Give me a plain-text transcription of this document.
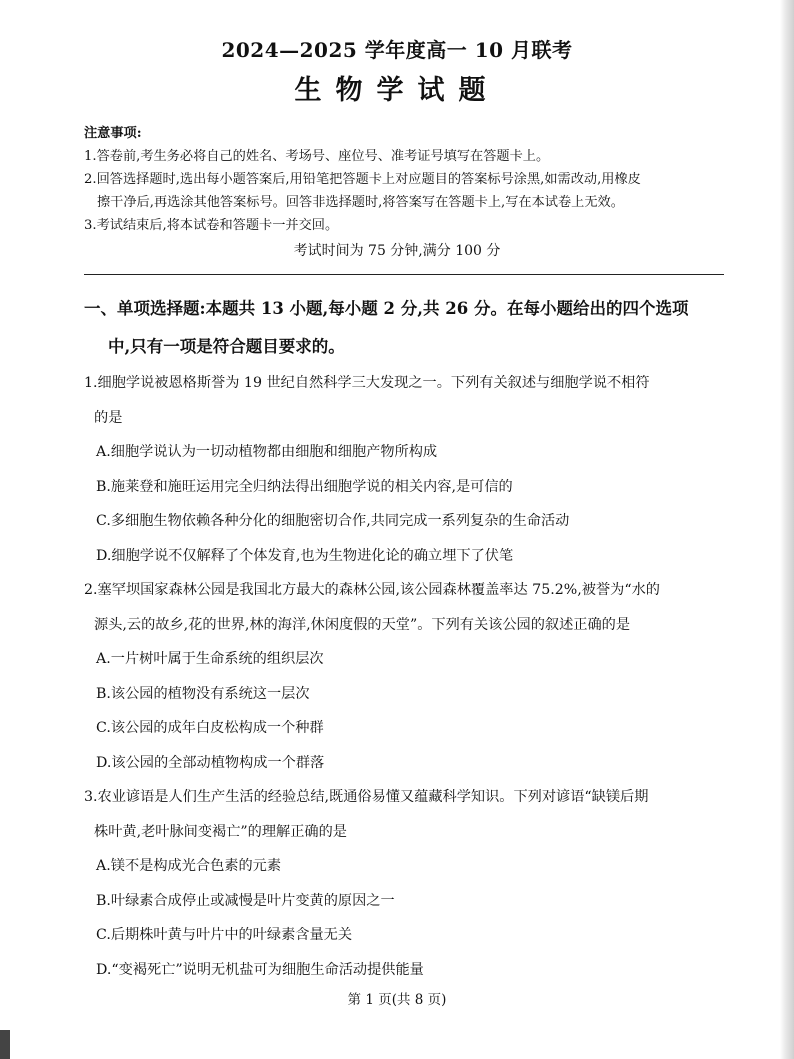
2024—2025 学年度高一 10 月联考
生物学试题
注意事项:
1.答卷前,考生务必将自己的姓名、考场号、座位号、准考证号填写在答题卡上。
2.回答选择题时,选出每小题答案后,用铅笔把答题卡上对应题目的答案标号涂黑,如需改动,用橡皮
擦干净后,再选涂其他答案标号。回答非选择题时,将答案写在答题卡上,写在本试卷上无效。
3.考试结束后,将本试卷和答题卡一并交回。
考试时间为 75 分钟,满分 100 分
一、单项选择题:本题共 13 小题,每小题 2 分,共 26 分。在每小题给出的四个选项
中,只有一项是符合题目要求的。
1.细胞学说被恩格斯誉为 19 世纪自然科学三大发现之一。下列有关叙述与细胞学说不相符
的是
A.细胞学说认为一切动植物都由细胞和细胞产物所构成
B.施莱登和施旺运用完全归纳法得出细胞学说的相关内容,是可信的
C.多细胞生物依赖各种分化的细胞密切合作,共同完成一系列复杂的生命活动
D.细胞学说不仅解释了个体发育,也为生物进化论的确立埋下了伏笔
2.塞罕坝国家森林公园是我国北方最大的森林公园,该公园森林覆盖率达 75.2%,被誉为“水的
源头,云的故乡,花的世界,林的海洋,休闲度假的天堂”。下列有关该公园的叙述正确的是
A.一片树叶属于生命系统的组织层次
B.该公园的植物没有系统这一层次
C.该公园的成年白皮松构成一个种群
D.该公园的全部动植物构成一个群落
3.农业谚语是人们生产生活的经验总结,既通俗易懂又蕴藏科学知识。下列对谚语“缺镁后期
株叶黄,老叶脉间变褐亡”的理解正确的是
A.镁不是构成光合色素的元素
B.叶绿素合成停止或减慢是叶片变黄的原因之一
C.后期株叶黄与叶片中的叶绿素含量无关
D.“变褐死亡”说明无机盐可为细胞生命活动提供能量
第 1 页(共 8 页)
